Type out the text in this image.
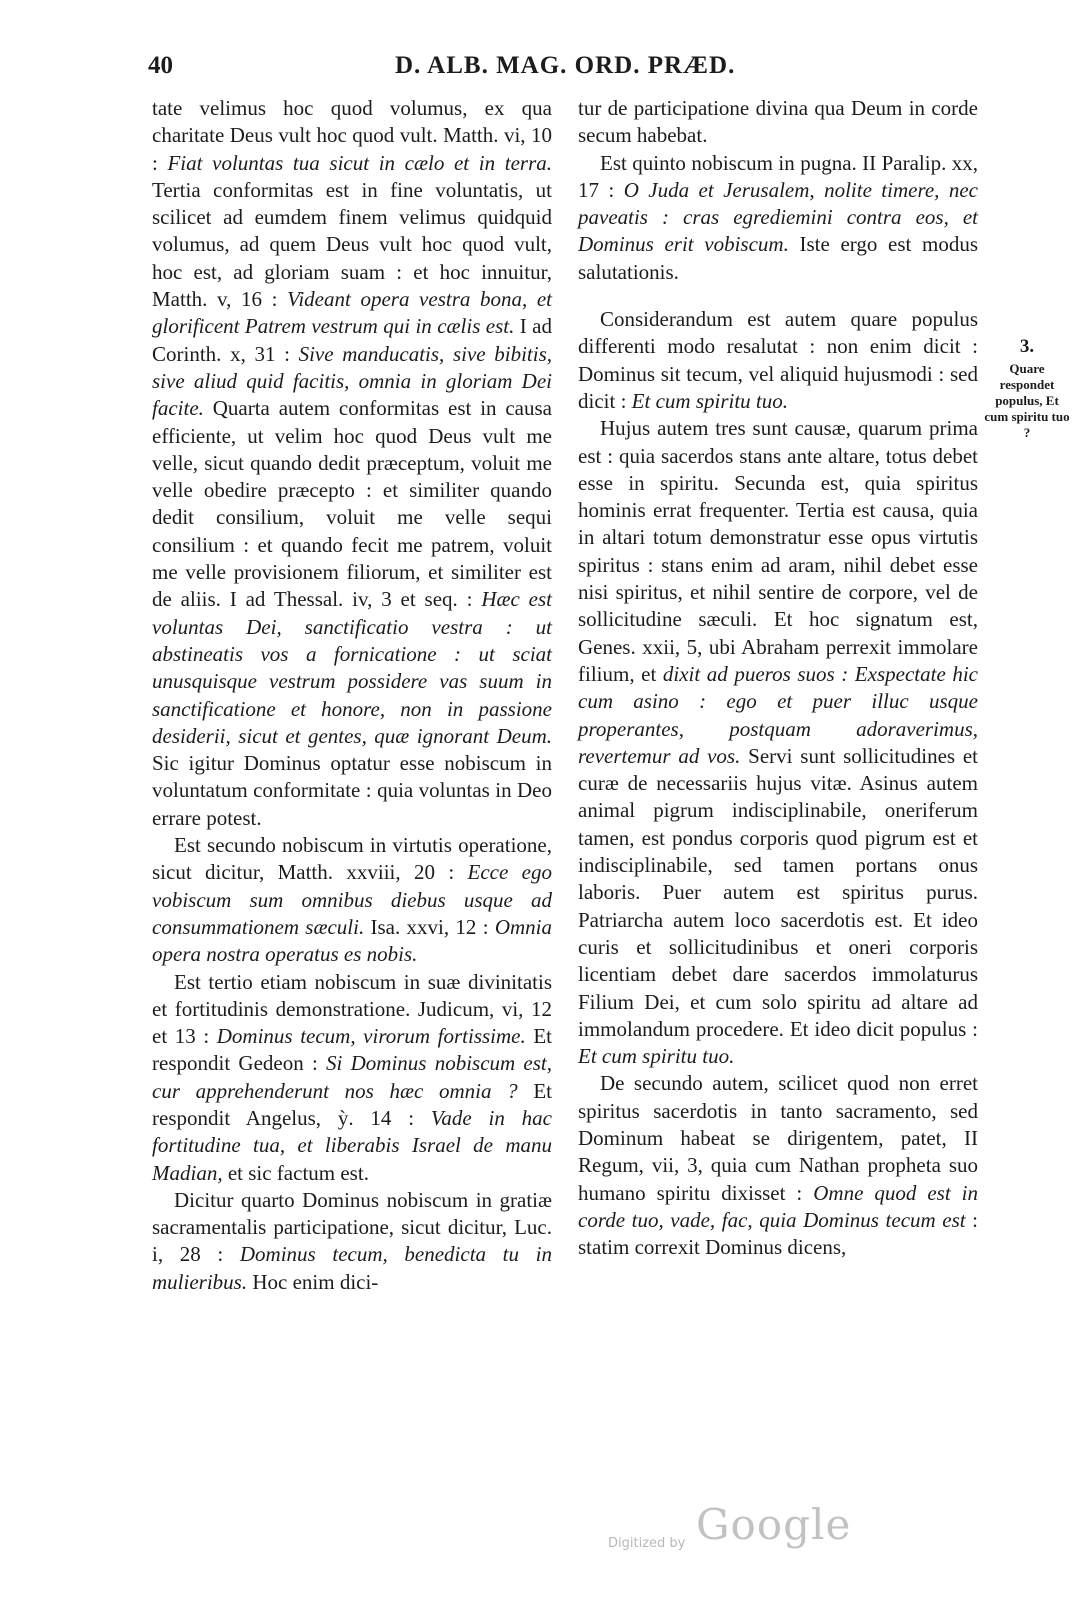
40	D. ALB. MAG. ORD. PRÆD.

tate velimus hoc quod volumus, ex qua charitate Deus vult hoc quod vult. Matth. vi, 10 : Fiat voluntas tua sicut in cælo et in terra. Tertia conformitas est in fine voluntatis, ut scilicet ad eumdem finem velimus quidquid volumus, ad quem Deus vult hoc quod vult, hoc est, ad gloriam suam : et hoc innuitur, Matth. v, 16 : Videant opera vestra bona, et glorificent Patrem vestrum qui in cælis est. I ad Corinth. x, 31 : Sive manducatis, sive bibitis, sive aliud quid facitis, omnia in gloriam Dei facite. Quarta autem conformitas est in causa efficiente, ut velim hoc quod Deus vult me velle, sicut quando dedit præceptum, voluit me velle obedire præcepto : et similiter quando dedit consilium, voluit me velle sequi consilium : et quando fecit me patrem, voluit me velle provisionem filiorum, et similiter est de aliis. I ad Thessal. iv, 3 et seq. : Hæc est voluntas Dei, sanctificatio vestra : ut abstineatis vos a fornicatione : ut sciat unusquisque vestrum possidere vas suum in sanctificatione et honore, non in passione desiderii, sicut et gentes, quæ ignorant Deum. Sic igitur Dominus optatur esse nobiscum in voluntatum conformitate : quia voluntas in Deo errare potest.

Est secundo nobiscum in virtutis operatione, sicut dicitur, Matth. xxviii, 20 : Ecce ego vobiscum sum omnibus diebus usque ad consummationem sæculi. Isa. xxvi, 12 : Omnia opera nostra operatus es nobis.

Est tertio etiam nobiscum in suæ divinitatis et fortitudinis demonstratione. Judicum, vi, 12 et 13 : Dominus tecum, virorum fortissime. Et respondit Gedeon : Si Dominus nobiscum est, cur apprehenderunt nos hæc omnia ? Et respondit Angelus, ỳ. 14 : Vade in hac fortitudine tua, et liberabis Israel de manu Madian, et sic factum est.

Dicitur quarto Dominus nobiscum in gratiæ sacramentalis participatione, sicut dicitur, Luc. i, 28 : Dominus tecum, benedicta tu in mulieribus. Hoc enim dici-

tur de participatione divina qua Deum in corde secum habebat.

Est quinto nobiscum in pugna. II Paralip. xx, 17 : O Juda et Jerusalem, nolite timere, nec paveatis : cras egrediemini contra eos, et Dominus erit vobiscum. Iste ergo est modus salutationis.

Considerandum est autem quare populus differenti modo resalutat : non enim dicit : Dominus sit tecum, vel aliquid hujusmodi : sed dicit : Et cum spiritu tuo.

Hujus autem tres sunt causæ, quarum prima est : quia sacerdos stans ante altare, totus debet esse in spiritu. Secunda est, quia spiritus hominis errat frequenter. Tertia est causa, quia in altari totum demonstratur esse opus virtutis spiritus : stans enim ad aram, nihil debet esse nisi spiritus, et nihil sentire de corpore, vel de sollicitudine sæculi. Et hoc signatum est, Genes. xxii, 5, ubi Abraham perrexit immolare filium, et dixit ad pueros suos : Exspectate hic cum asino : ego et puer illuc usque properantes, postquam adoraverimus, revertemur ad vos. Servi sunt sollicitudines et curæ de necessariis hujus vitæ. Asinus autem animal pigrum indisciplinabile, oneriferum tamen, est pondus corporis quod pigrum est et indisciplinabile, sed tamen portans onus laboris. Puer autem est spiritus purus. Patriarcha autem loco sacerdotis est. Et ideo curis et sollicitudinibus et oneri corporis licentiam debet dare sacerdos immolaturus Filium Dei, et cum solo spiritu ad altare ad immolandum procedere. Et ideo dicit populus : Et cum spiritu tuo.

De secundo autem, scilicet quod non erret spiritus sacerdotis in tanto sacramento, sed Dominum habeat se dirigentem, patet, II Regum, vii, 3, quia cum Nathan propheta suo humano spiritu dixisset : Omne quod est in corde tuo, vade, fac, quia Dominus tecum est : statim correxit Dominus dicens,

3.
Quare respondet populus, Et cum spiritu tuo ?
Digitized by Google
